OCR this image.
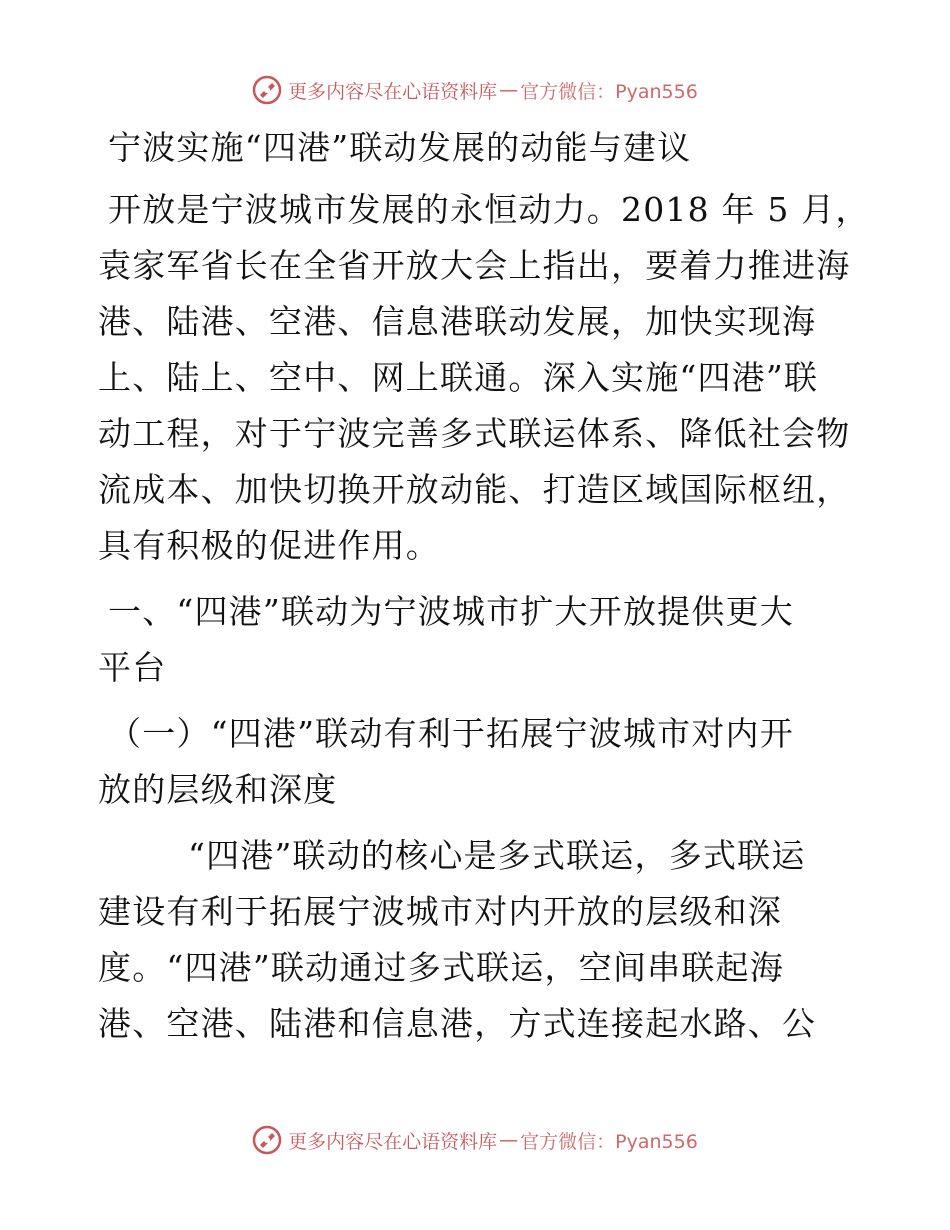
更多内容尽在心语资料库 — 官方微信：Pyan556
宁波实施“四港”联动发展的动能与建议
开放是宁波城市发展的永恒动力。2018 年 5 月，
袁家军省长在全省开放大会上指出，要着力推进海
港、陆港、空港、信息港联动发展，加快实现海
上、陆上、空中、网上联通。深入实施“四港”联
动工程，对于宁波完善多式联运体系、降低社会物
流成本、加快切换开放动能、打造区域国际枢纽，
具有积极的促进作用。
一、“四港”联动为宁波城市扩大开放提供更大
平台
（一）“四港”联动有利于拓展宁波城市对内开
放的层级和深度
“四港”联动的核心是多式联运，多式联运
建设有利于拓展宁波城市对内开放的层级和深
度。“四港”联动通过多式联运，空间串联起海
港、空港、陆港和信息港，方式连接起水路、公
更多内容尽在心语资料库 — 官方微信：Pyan556
